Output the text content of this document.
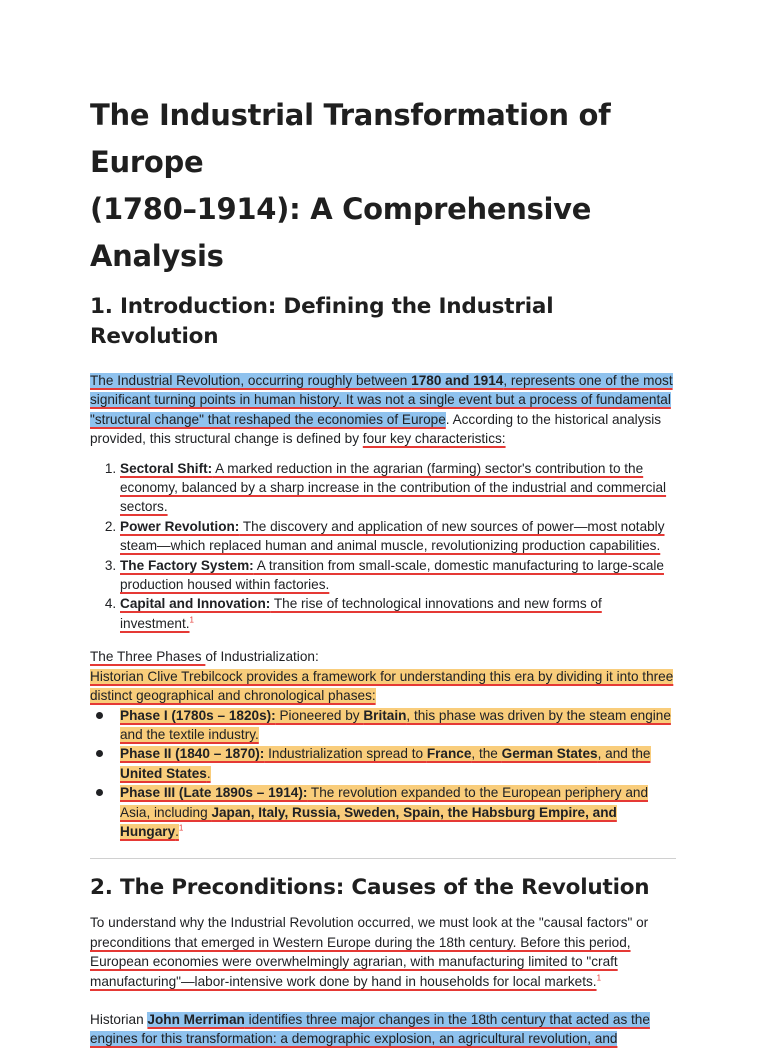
The Industrial Transformation of Europe
(1780–1914): A Comprehensive Analysis
1. Introduction: Defining the Industrial Revolution

The Industrial Revolution, occurring roughly between 1780 and 1914, represents one of the most significant turning points in human history. It was not a single event but a process of fundamental "structural change" that reshaped the economies of Europe. According to the historical analysis provided, this structural change is defined by four key characteristics:

1. Sectoral Shift: A marked reduction in the agrarian (farming) sector's contribution to the economy, balanced by a sharp increase in the contribution of the industrial and commercial sectors.
2. Power Revolution: The discovery and application of new sources of power—most notably steam—which replaced human and animal muscle, revolutionizing production capabilities.
3. The Factory System: A transition from small-scale, domestic manufacturing to large-scale production housed within factories.
4. Capital and Innovation: The rise of technological innovations and new forms of investment.$^1$

The Three Phases of Industrialization:

Historian Clive Trebilcock provides a framework for understanding this era by dividing it into three distinct geographical and chronological phases:

Phase I (1780s – 1820s): Pioneered by Britain, this phase was driven by the steam engine and the textile industry.
Phase II (1840 – 1870): Industrialization spread to France, the German States, and the United States.
Phase III (Late 1890s – 1914): The revolution expanded to the European periphery and Asia, including Japan, Italy, Russia, Sweden, Spain, the Habsburg Empire, and Hungary.$^1$
2. The Preconditions: Causes of the Revolution

To understand why the Industrial Revolution occurred, we must look at the "causal factors" or preconditions that emerged in Western Europe during the 18th century. Before this period, European economies were overwhelmingly agrarian, with manufacturing limited to "craft manufacturing"—labor-intensive work done by hand in households for local markets.$^1$

Historian John Merriman identifies three major changes in the 18th century that acted as the engines for this transformation: a demographic explosion, an agricultural revolution, and
